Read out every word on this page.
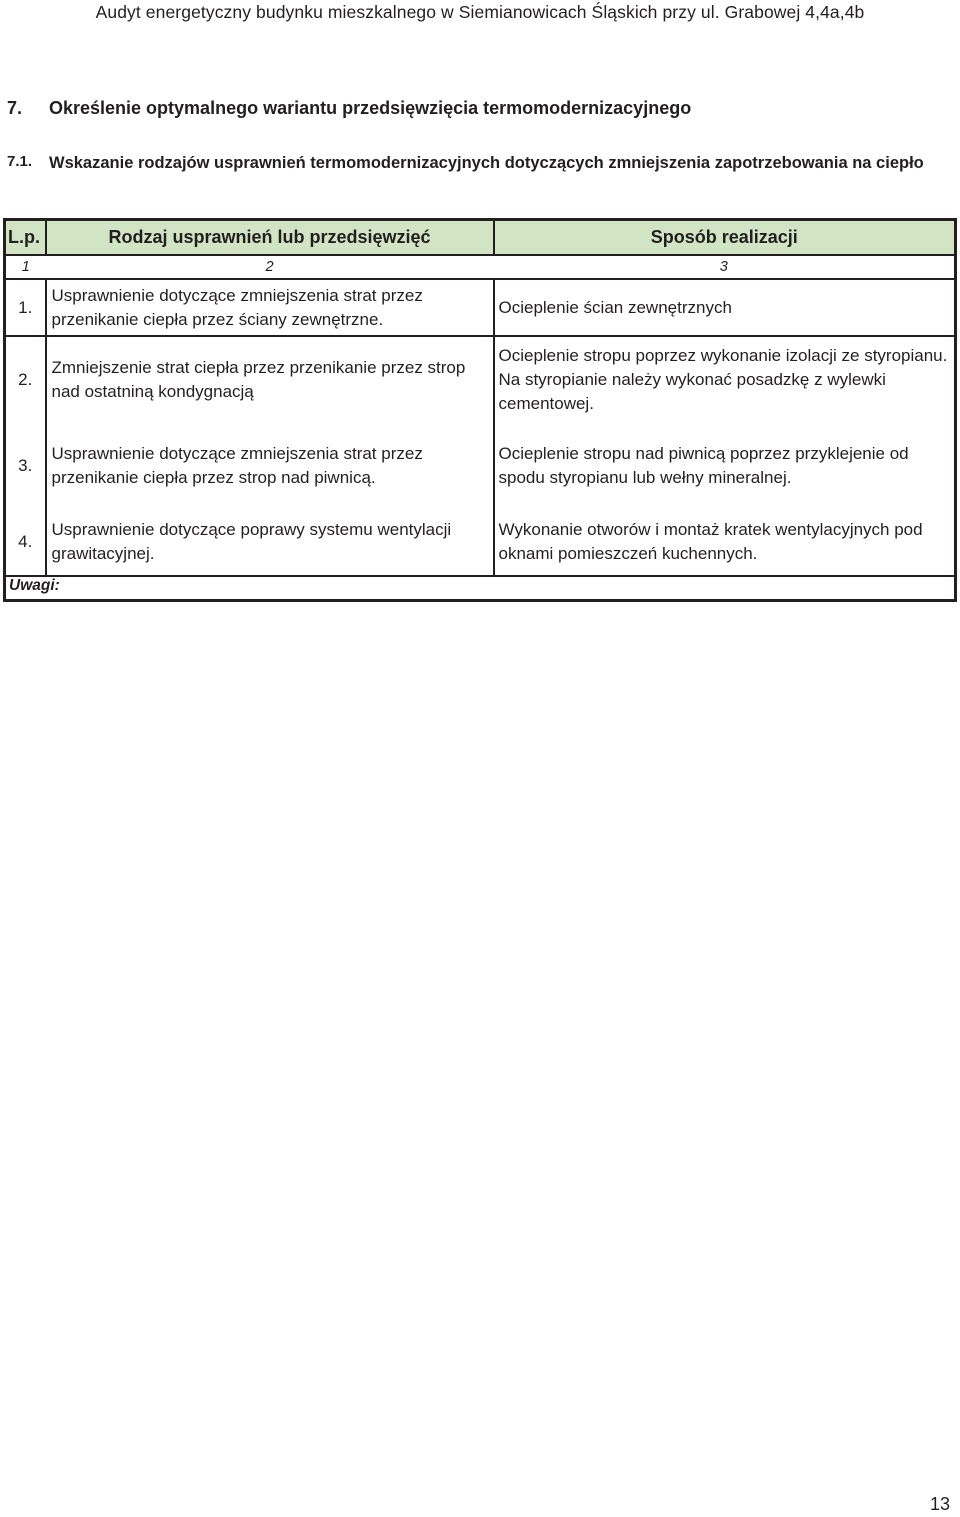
Audyt energetyczny budynku mieszkalnego w Siemianowicach Śląskich przy ul. Grabowej 4,4a,4b
7. Określenie optymalnego wariantu przedsięwzięcia termomodernizacyjnego
7.1. Wskazanie rodzajów usprawnień termomodernizacyjnych dotyczących zmniejszenia zapotrzebowania na ciepło
L.p.	Rodzaj usprawnień lub przedsięwzięć	Sposób realizacji
1	2	3
1.	Usprawnienie dotyczące zmniejszenia strat przez przenikanie ciepła przez ściany zewnętrzne.	Ocieplenie ścian zewnętrznych
2.	Zmniejszenie strat ciepła przez przenikanie przez strop nad ostatniną kondygnacją	Ocieplenie stropu poprzez wykonanie izolacji ze styropianu. Na styropianie należy wykonać posadzkę z wylewki cementowej.
3.	Usprawnienie dotyczące zmniejszenia strat przez przenikanie ciepła przez strop nad piwnicą.	Ocieplenie stropu nad piwnicą poprzez przyklejenie od spodu styropianu lub wełny mineralnej.
4.	Usprawnienie dotyczące poprawy systemu wentylacji grawitacyjnej.	Wykonanie otworów i montaż kratek wentylacyjnych pod oknami pomieszczeń kuchennych.
Uwagi:		
13
